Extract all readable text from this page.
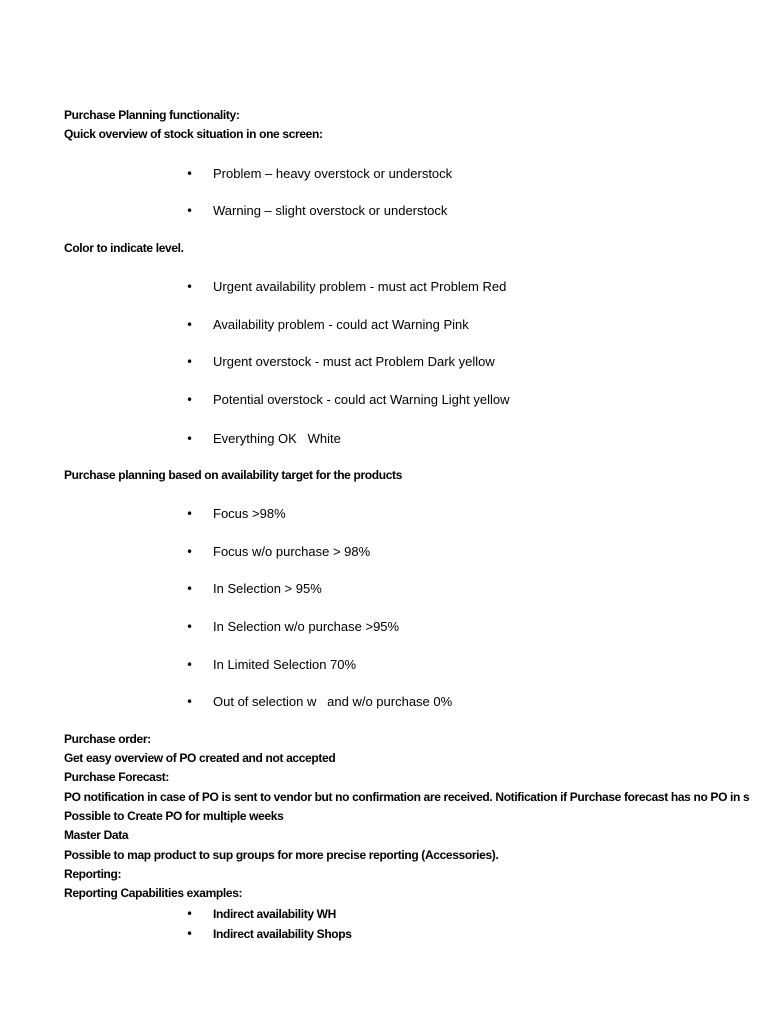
Purchase Planning functionality:
Quick overview of stock situation in one screen:
• Problem – heavy overstock or understock
• Warning – slight overstock or understock
Color to indicate level.
• Urgent availability problem - must act Problem Red
• Availability problem - could act Warning Pink
• Urgent overstock - must act Problem Dark yellow
• Potential overstock - could act Warning Light yellow
• Everything OK   White
Purchase planning based on availability target for the products
• Focus >98%
• Focus w/o purchase > 98%
• In Selection > 95%
• In Selection w/o purchase >95%
• In Limited Selection 70%
• Out of selection w   and w/o purchase 0%
Purchase order:
Get easy overview of PO created and not accepted
Purchase Forecast:
PO notification in case of PO is sent to vendor but no confirmation are received. Notification if Purchase forecast has no PO in s
Possible to Create PO for multiple weeks
Master Data
Possible to map product to sup groups for more precise reporting (Accessories).
Reporting:
Reporting Capabilities examples:
• Indirect availability WH
• Indirect availability Shops
